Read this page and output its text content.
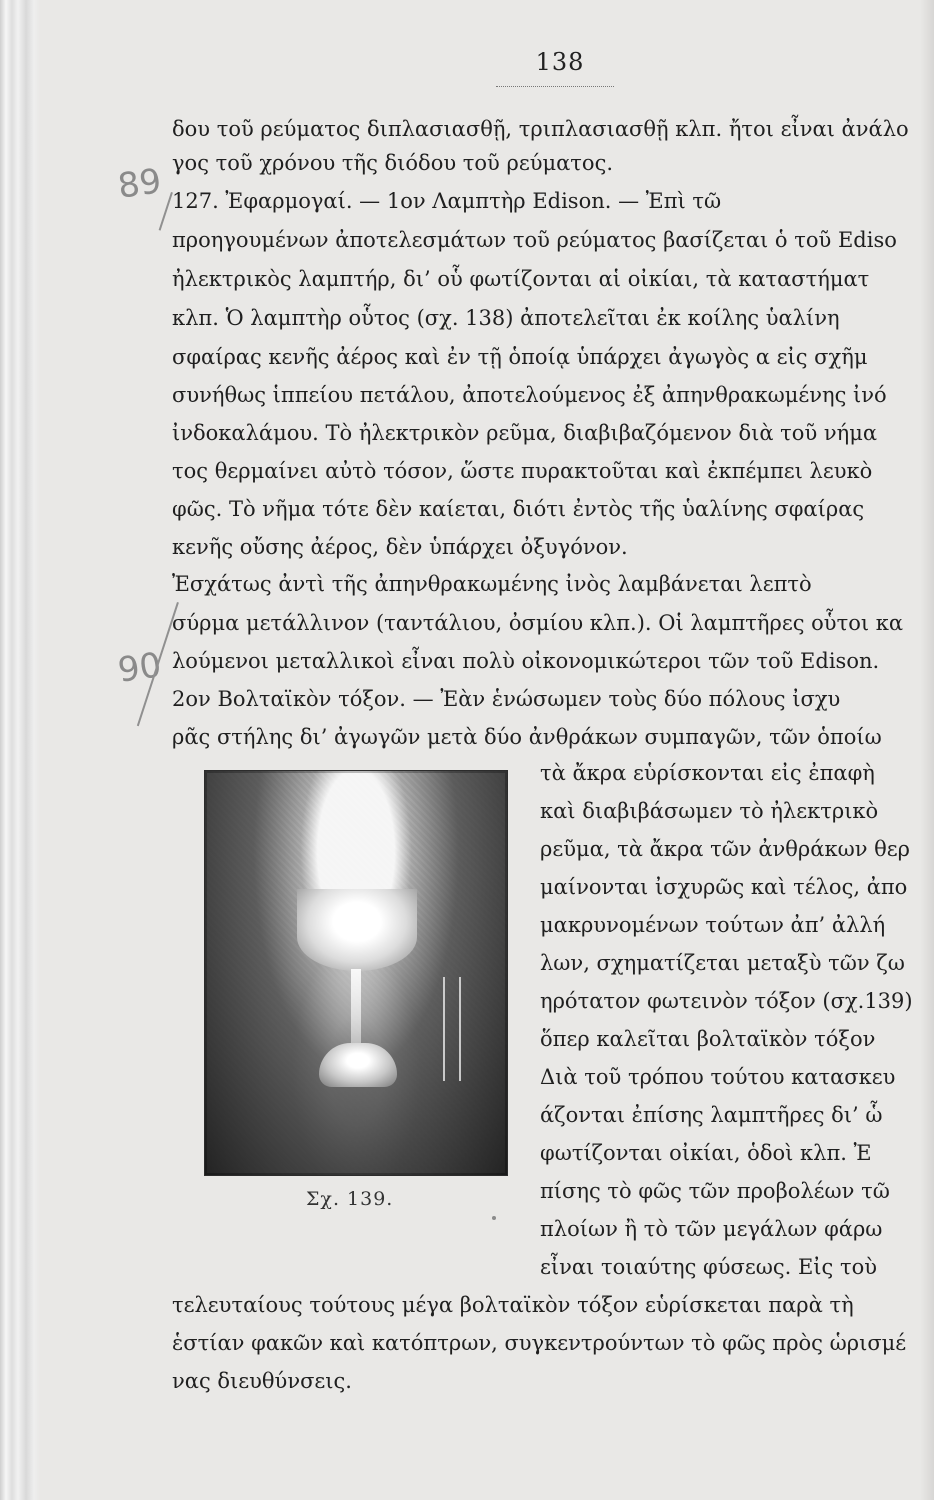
138
89
90
δου τοῦ ρεύματος διπλασιασθῇ, τριπλασιασθῇ κλπ. ἤτοι εἶναι ἀνάλο
γος τοῦ χρόνου τῆς διόδου τοῦ ρεύματος.
127. Ἐφαρμογαί. — 1ον Λαμπτὴρ Edison. — Ἐπὶ τῶ
προηγουμένων ἀποτελεσμάτων τοῦ ρεύματος βασίζεται ὁ τοῦ Ediso
ἠλεκτρικὸς λαμπτήρ, δι’ οὗ φωτίζονται αἱ οἰκίαι, τὰ καταστήματ
κλπ. Ὁ λαμπτὴρ οὗτος (σχ. 138) ἀποτελεῖται ἐκ κοίλης ὑαλίνη
σφαίρας κενῆς ἀέρος καὶ ἐν τῇ ὁποίᾳ ὑπάρχει ἀγωγὸς α εἰς σχῆμ
συνήθως ἱππείου πετάλου, ἀποτελούμενος ἐξ ἀπηνθρακωμένης ἰνό
ἰνδοκαλάμου. Τὸ ἠλεκτρικὸν ρεῦμα, διαβιβαζόμενον διὰ τοῦ νήμα
τος θερμαίνει αὐτὸ τόσον, ὥστε πυρακτοῦται καὶ ἐκπέμπει λευκὸ
φῶς. Τὸ νῆμα τότε δὲν καίεται, διότι ἐντὸς τῆς ὑαλίνης σφαίρας
κενῆς οὔσης ἀέρος, δὲν ὑπάρχει ὀξυγόνον.
Ἐσχάτως ἀντὶ τῆς ἀπηνθρακωμένης ἰνὸς λαμβάνεται λεπτὸ
σύρμα μετάλλινον (ταντάλιου, ὀσμίου κλπ.). Οἱ λαμπτῆρες οὗτοι κα
λούμενοι μεταλλικοὶ εἶναι πολὺ οἰκονομικώτεροι τῶν τοῦ Edison.
2ον Βολταϊκὸν τόξον. — Ἐὰν ἑνώσωμεν τοὺς δύο πόλους ἰσχυ
ρᾶς στήλης δι’ ἀγωγῶν μετὰ δύο ἀνθράκων συμπαγῶν, τῶν ὁποίω
τὰ ἄκρα εὑρίσκονται εἰς ἐπαφὴ
καὶ διαβιβάσωμεν τὸ ἠλεκτρικὸ
ρεῦμα, τὰ ἄκρα τῶν ἀνθράκων θερ
μαίνονται ἰσχυρῶς καὶ τέλος, ἀπο
μακρυνομένων τούτων ἀπ’ ἀλλή
λων, σχηματίζεται μεταξὺ τῶν ζω
ηρότατον φωτεινὸν τόξον (σχ.139)
ὅπερ καλεῖται βολταϊκὸν τόξον
Διὰ τοῦ τρόπου τούτου κατασκευ
άζονται ἐπίσης λαμπτῆρες δι’ ὧ
φωτίζονται οἰκίαι, ὁδοὶ κλπ. Ἐ
πίσης τὸ φῶς τῶν προβολέων τῶ
πλοίων ἢ τὸ τῶν μεγάλων φάρω
εἶναι τοιαύτης φύσεως. Εἰς τοὺ
Σχ. 139.
τελευταίους τούτους μέγα βολταϊκὸν τόξον εὑρίσκεται παρὰ τὴ
ἑστίαν φακῶν καὶ κατόπτρων, συγκεντρούντων τὸ φῶς πρὸς ὡρισμέ
νας διευθύνσεις.
